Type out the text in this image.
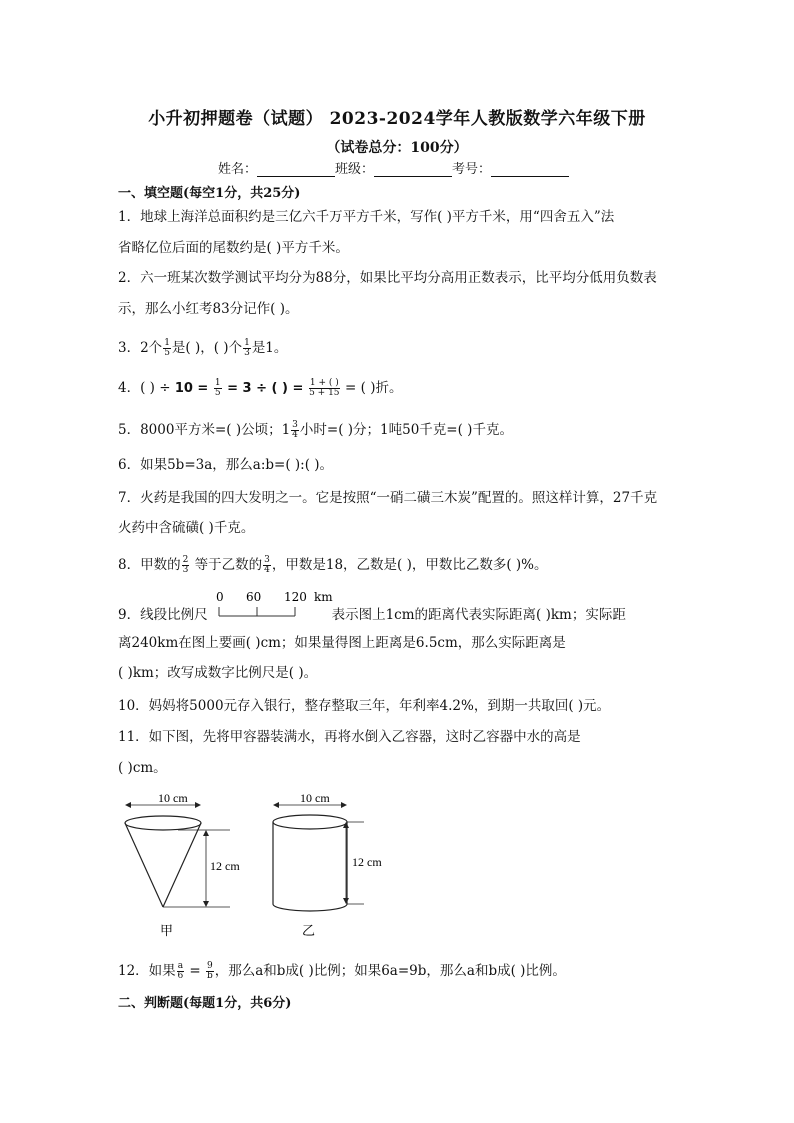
小升初押题卷（试题） 2023-2024学年人教版数学六年级下册
（试卷总分：100分）
姓名：	班级：	考号：
一、填空题(每空1分，共25分)
1．地球上海洋总面积约是三亿六千万平方千米，写作( )平方千米，用“四舍五入”法
省略亿位后面的尾数约是( )平方千米。
2．六一班某次数学测试平均分为88分，如果比平均分高用正数表示，比平均分低用负数表
示，那么小红考83分记作( )。
3．2个 $\frac{1}{5}$ 是( )，( )个 $\frac{1}{3}$ 是1。
4．( ) ÷ $10 = \frac{1}{5} = 3$ ÷ ( ) = $\frac{1 + ( )}{5 + 15}$ = ( )折。
5．8000平方米=( )公顷；$1 \frac{3}{4}$ 小时=( )分；1吨50千克=( )千克。
6．如果5b=3a，那么a:b=( ):( )。
7．火药是我国的四大发明之一。它是按照“一硝二磺三木炭”配置的。照这样计算，27千克
火药中含硫磺( )千克。
8．甲数的 $\frac{2}{3}$ 等于乙数的 $\frac{3}{4}$ ，甲数是18，乙数是( )，甲数比乙数多( )%。
0 60 120 km
9．线段比例尺	表示图上1cm的距离代表实际距离( )km；实际距
离240km在图上要画( )cm；如果量得图上距离是6.5cm，那么实际距离是
( )km；改写成数字比例尺是( )。
10．妈妈将5000元存入银行，整存整取三年，年利率4.2%，到期一共取回( )元。
11．如下图，先将甲容器装满水，再将水倒入乙容器，这时乙容器中水的高是
( )cm。
10 cm
12 cm
甲
10 cm
12 cm
乙
12．如果 $\frac{a}{6} = \frac{9}{b}$ ，那么a和b成( )比例；如果6a=9b，那么a和b成( )比例。
二、判断题(每题1分，共6分)
